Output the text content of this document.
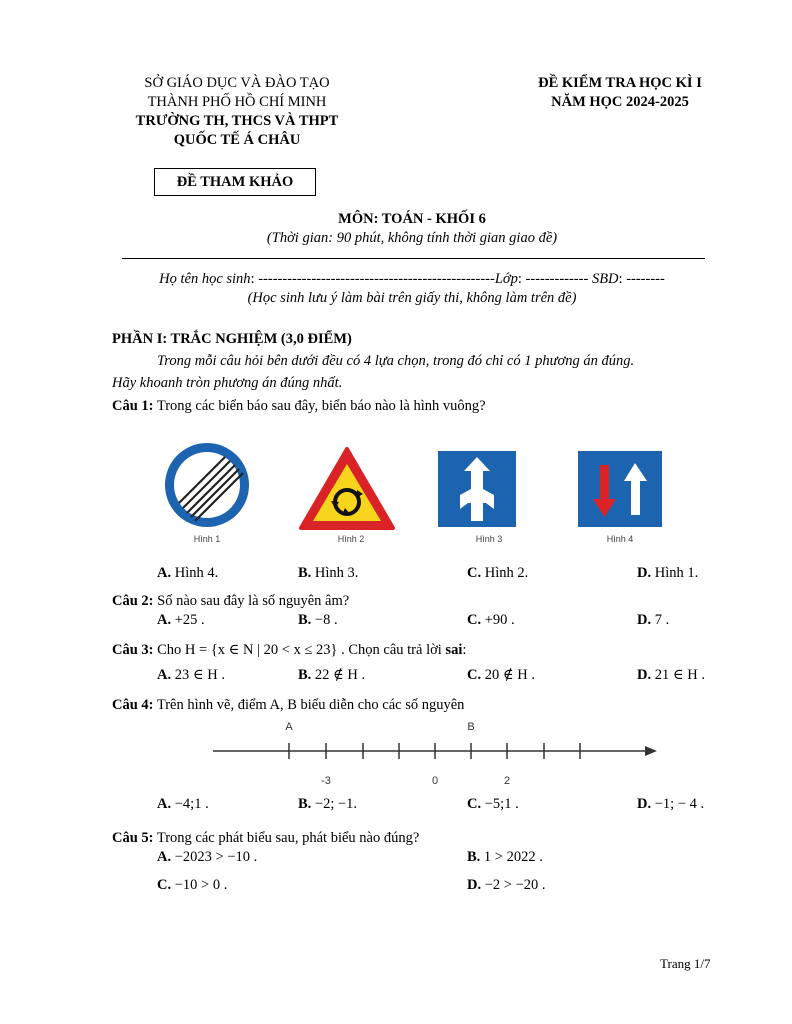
SỞ GIÁO DỤC VÀ ĐÀO TẠO
THÀNH PHỐ HỒ CHÍ MINH
TRƯỜNG TH, THCS VÀ THPT
QUỐC TẾ Á CHÂU
ĐỀ KIỂM TRA HỌC KÌ I
NĂM HỌC 2024-2025
ĐỀ THAM KHẢO
MÔN: TOÁN - KHỐI 6
(Thời gian: 90 phút, không tính thời gian giao đề)
Họ tên học sinh: -------------------------------------------------Lớp: ------------- SBD: --------
(Học sinh lưu ý làm bài trên giấy thi, không làm trên đề)
PHẦN I: TRẮC NGHIỆM (3,0 ĐIỂM)
Trong mỗi câu hỏi bên dưới đều có 4 lựa chọn, trong đó chỉ có 1 phương án đúng.
Hãy khoanh tròn phương án đúng nhất.
Câu 1: Trong các biển báo sau đây, biển báo nào là hình vuông?
Hình 1	Hình 2	Hình 3	Hình 4
A. Hình 4.	B. Hình 3.	C. Hình 2.	D. Hình 1.
Câu 2: Số nào sau đây là số nguyên âm?
A. +25 .	B. −8 .	C. +90 .	D. 7 .
Câu 3: Cho H = {x ∈ N | 20 < x ≤ 23} . Chọn câu trả lời sai:
A. 23 ∈ H .	B. 22 ∉ H .	C. 20 ∉ H .	D. 21 ∈ H .
Câu 4: Trên hình vẽ, điểm A, B biểu diễn cho các số nguyên
A	B
-3	0	2
A. −4;1 .	B. −2; −1.	C. −5;1 .	D. −1; − 4 .
Câu 5: Trong các phát biểu sau, phát biểu nào đúng?
A. −2023 > −10 .	B. 1 > 2022 .
C. −10 > 0 .	D. −2 > −20 .
Trang 1/7
